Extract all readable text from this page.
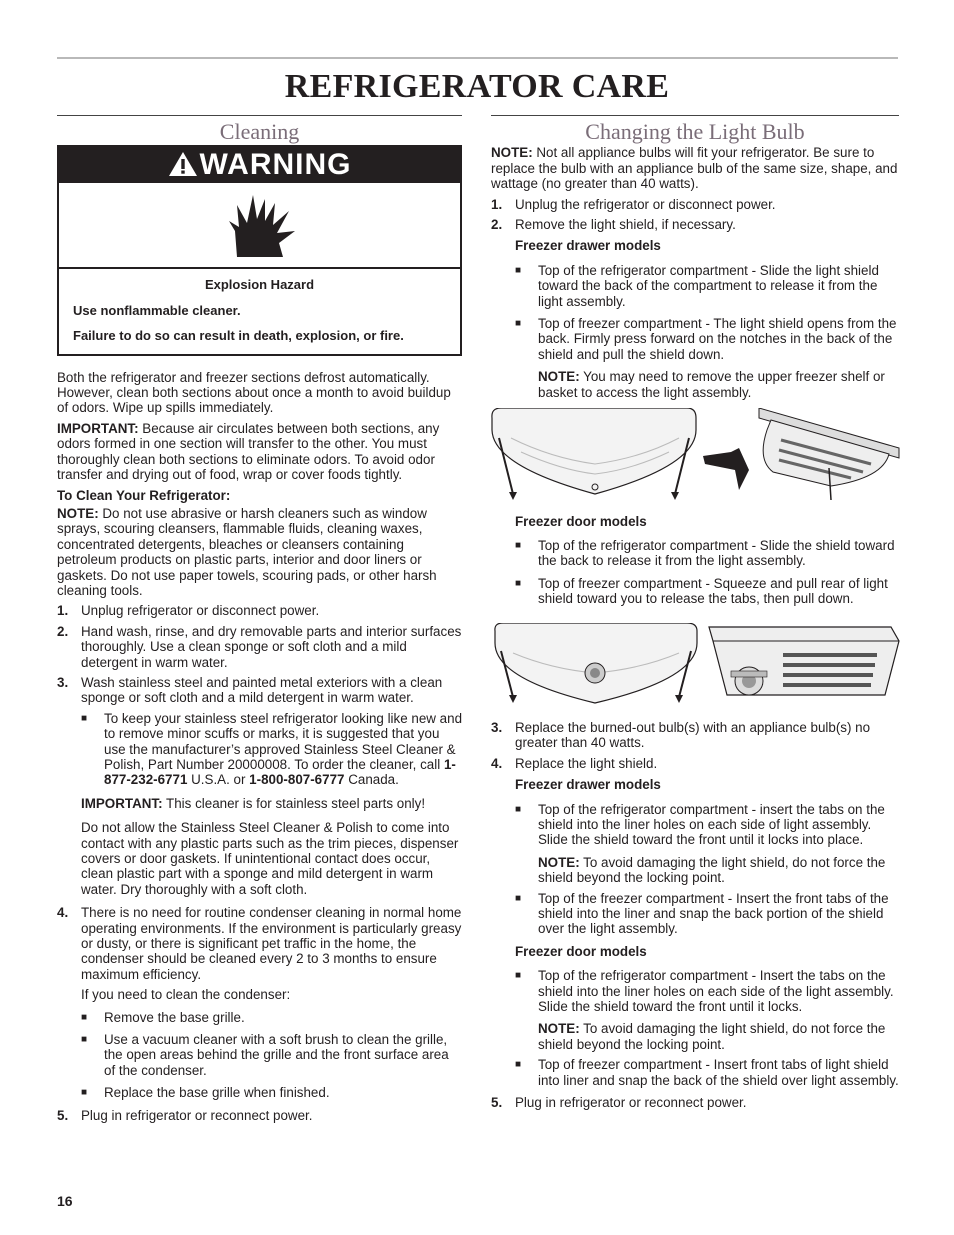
REFRIGERATOR CARE
Cleaning
WARNING

Explosion Hazard

Use nonflammable cleaner.

Failure to do so can result in death, explosion, or fire.

Both the refrigerator and freezer sections defrost automatically. However, clean both sections about once a month to avoid buildup of odors. Wipe up spills immediately.

IMPORTANT: Because air circulates between both sections, any odors formed in one section will transfer to the other. You must thoroughly clean both sections to eliminate odors. To avoid odor transfer and drying out of food, wrap or cover foods tightly.

To Clean Your Refrigerator:

NOTE: Do not use abrasive or harsh cleaners such as window sprays, scouring cleansers, flammable fluids, cleaning waxes, concentrated detergents, bleaches or cleansers containing petroleum products on plastic parts, interior and door liners or gaskets. Do not use paper towels, scouring pads, or other harsh cleaning tools.

1. Unplug refrigerator or disconnect power.
2. Hand wash, rinse, and dry removable parts and interior surfaces thoroughly. Use a clean sponge or soft cloth and a mild detergent in warm water.
3. Wash stainless steel and painted metal exteriors with a clean sponge or soft cloth and a mild detergent in warm water.
■	To keep your stainless steel refrigerator looking like new and to remove minor scuffs or marks, it is suggested that you use the manufacturer’s approved Stainless Steel Cleaner & Polish, Part Number 20000008. To order the cleaner, call 1-877-232-6771 U.S.A. or 1-800-807-6777 Canada.

IMPORTANT: This cleaner is for stainless steel parts only!

Do not allow the Stainless Steel Cleaner & Polish to come into contact with any plastic parts such as the trim pieces, dispenser covers or door gaskets. If unintentional contact does occur, clean plastic part with a sponge and mild detergent in warm water. Dry thoroughly with a soft cloth.

4. There is no need for routine condenser cleaning in normal home operating environments. If the environment is particularly greasy or dusty, or there is significant pet traffic in the home, the condenser should be cleaned every 2 to 3 months to ensure maximum efficiency.

If you need to clean the condenser:

■	Remove the base grille.
■	Use a vacuum cleaner with a soft brush to clean the grille, the open areas behind the grille and the front surface area of the condenser.
■	Replace the base grille when finished.
5. Plug in refrigerator or reconnect power.
Changing the Light Bulb

NOTE: Not all appliance bulbs will fit your refrigerator. Be sure to replace the bulb with an appliance bulb of the same size, shape, and wattage (no greater than 40 watts).

1. Unplug the refrigerator or disconnect power.
2. Remove the light shield, if necessary.

Freezer drawer models

■	Top of the refrigerator compartment - Slide the light shield toward the back of the compartment to release it from the light assembly.
■	Top of freezer compartment - The light shield opens from the back. Firmly press forward on the notches in the back of the shield and pull the shield down.

NOTE: You may need to remove the upper freezer shelf or basket to access the light assembly.

Freezer door models

■	Top of the refrigerator compartment - Slide the shield toward the back to release it from the light assembly.
■	Top of freezer compartment - Squeeze and pull rear of light shield toward you to release the tabs, then pull down.
3. Replace the burned-out bulb(s) with an appliance bulb(s) no greater than 40 watts.
4. Replace the light shield.

Freezer drawer models

■	Top of the refrigerator compartment - insert the tabs on the shield into the liner holes on each side of light assembly. Slide the shield toward the front until it locks into place.

NOTE: To avoid damaging the light shield, do not force the shield beyond the locking point.

■	Top of the freezer compartment - Insert the front tabs of the shield into the liner and snap the back portion of the shield over the light assembly.

Freezer door models

■	Top of the refrigerator compartment - Insert the tabs on the shield into the liner holes on each side of the light assembly. Slide the shield toward the front until it locks.

NOTE: To avoid damaging the light shield, do not force the shield beyond the locking point.

■	Top of freezer compartment - Insert front tabs of light shield into liner and snap the back of the shield over light assembly.
5. Plug in refrigerator or reconnect power.
16
